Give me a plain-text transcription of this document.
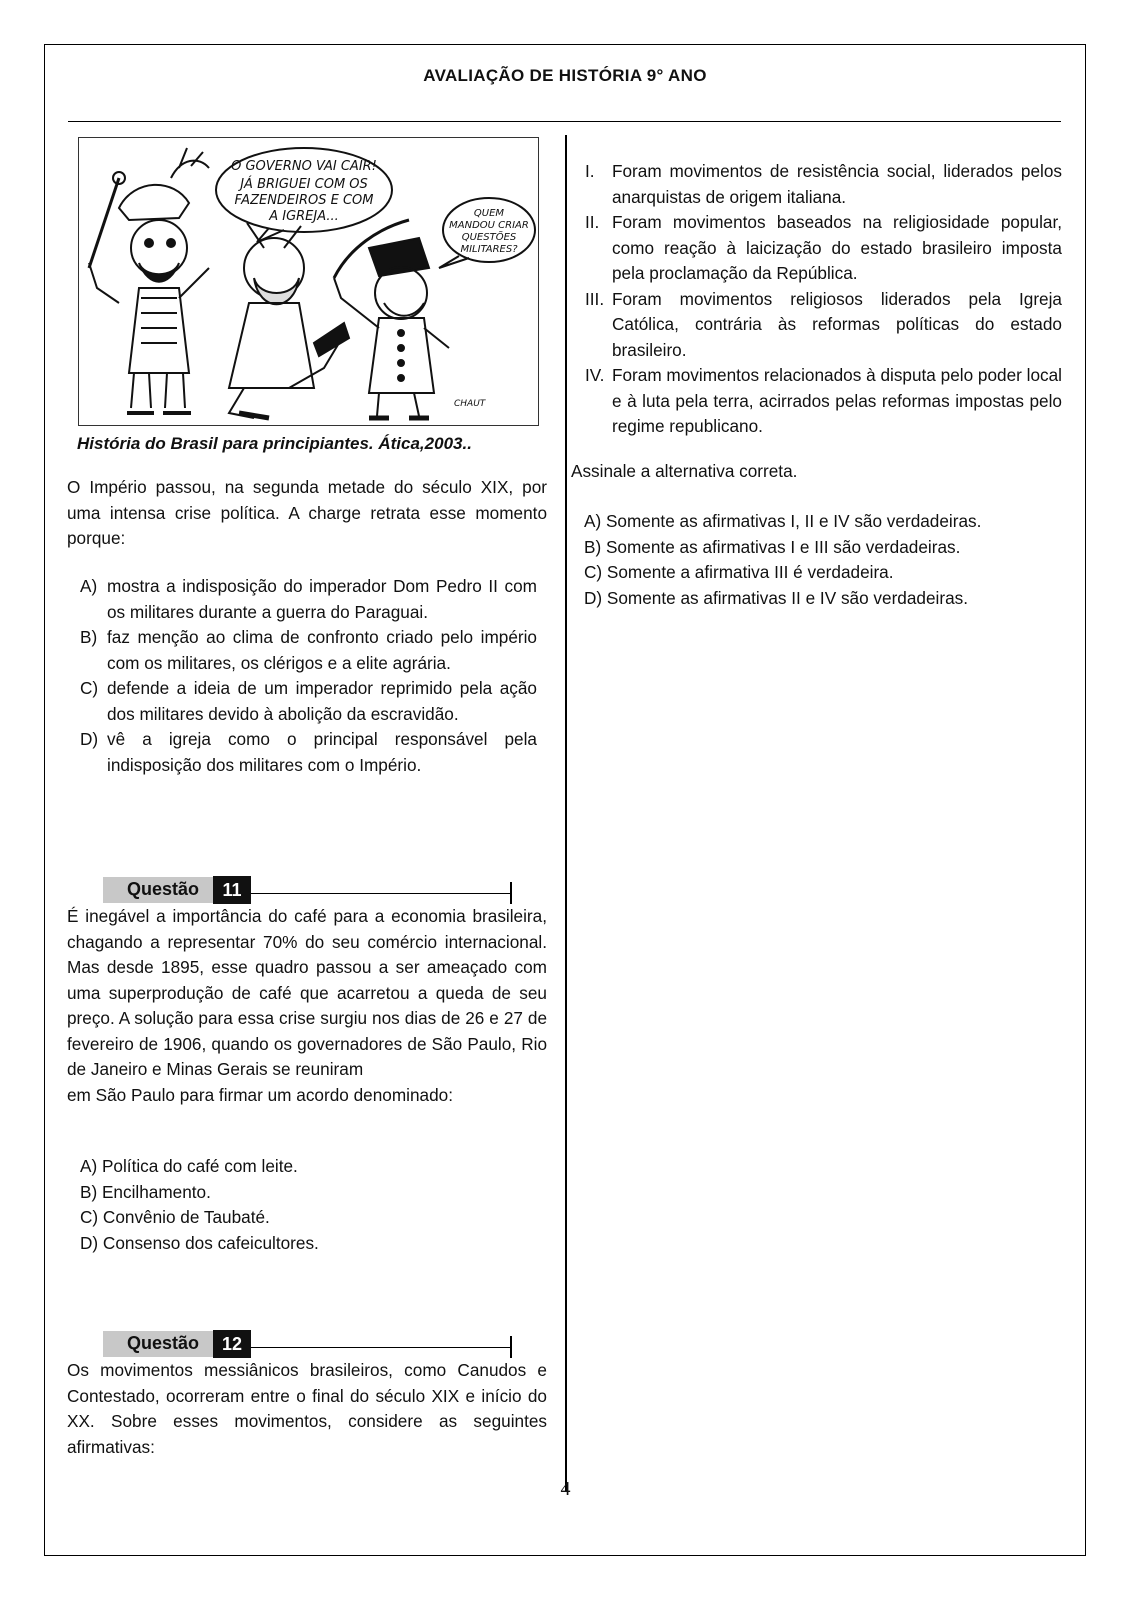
AVALIAÇÃO DE HISTÓRIA 9° ANO
O GOVERNO VAI CAIR!
JÁ BRIGUEI COM OS
FAZENDEIROS E COM
A IGREJA...	QUEM
MANDOU CRIAR
QUESTÕES
MILITARES?
CHAUT
História do Brasil para principiantes. Ática,2003..
O Império passou, na segunda metade do século XIX, por uma intensa crise política. A charge retrata esse momento porque:
A) mostra a indisposição do imperador Dom Pedro II com os militares durante a guerra do Paraguai.
B) faz menção ao clima de confronto criado pelo império com os militares, os clérigos e a elite agrária.
C) defende a ideia de um imperador reprimido pela ação dos militares devido à abolição da escravidão.
D) vê a igreja como o principal responsável pela indisposição dos militares com o Império.
Questão	11

É inegável a importância do café para a economia brasileira, chagando a representar 70% do seu comércio internacional. Mas desde 1895, esse quadro passou a ser ameaçado com uma superprodução de café que acarretou a queda de seu preço. A solução para essa crise surgiu nos dias de 26 e 27 de fevereiro de 1906, quando os governadores de São Paulo, Rio de Janeiro e Minas Gerais se reuniram

em São Paulo para firmar um acordo denominado:

A) Política do café com leite.

B) Encilhamento.

C) Convênio de Taubaté.

D) Consenso dos cafeicultores.

Questão	12
Os movimentos messiânicos brasileiros, como Canudos e Contestado, ocorreram entre o final do século XIX e início do XX. Sobre esses movimentos, considere as seguintes afirmativas:
I. Foram movimentos de resistência social, liderados pelos anarquistas de origem italiana.
II. Foram movimentos baseados na religiosidade popular, como reação à laicização do estado brasileiro imposta pela proclamação da República.
III. Foram movimentos religiosos liderados pela Igreja Católica, contrária às reformas políticas do estado brasileiro.
IV. Foram movimentos relacionados à disputa pelo poder local e à luta pela terra, acirrados pelas reformas impostas pelo regime republicano.
Assinale a alternativa correta.

A) Somente as afirmativas I, II e IV são verdadeiras.

B) Somente as afirmativas I e III são verdadeiras.

C) Somente a afirmativa III é verdadeira.

D) Somente as afirmativas II e IV são verdadeiras.

4
